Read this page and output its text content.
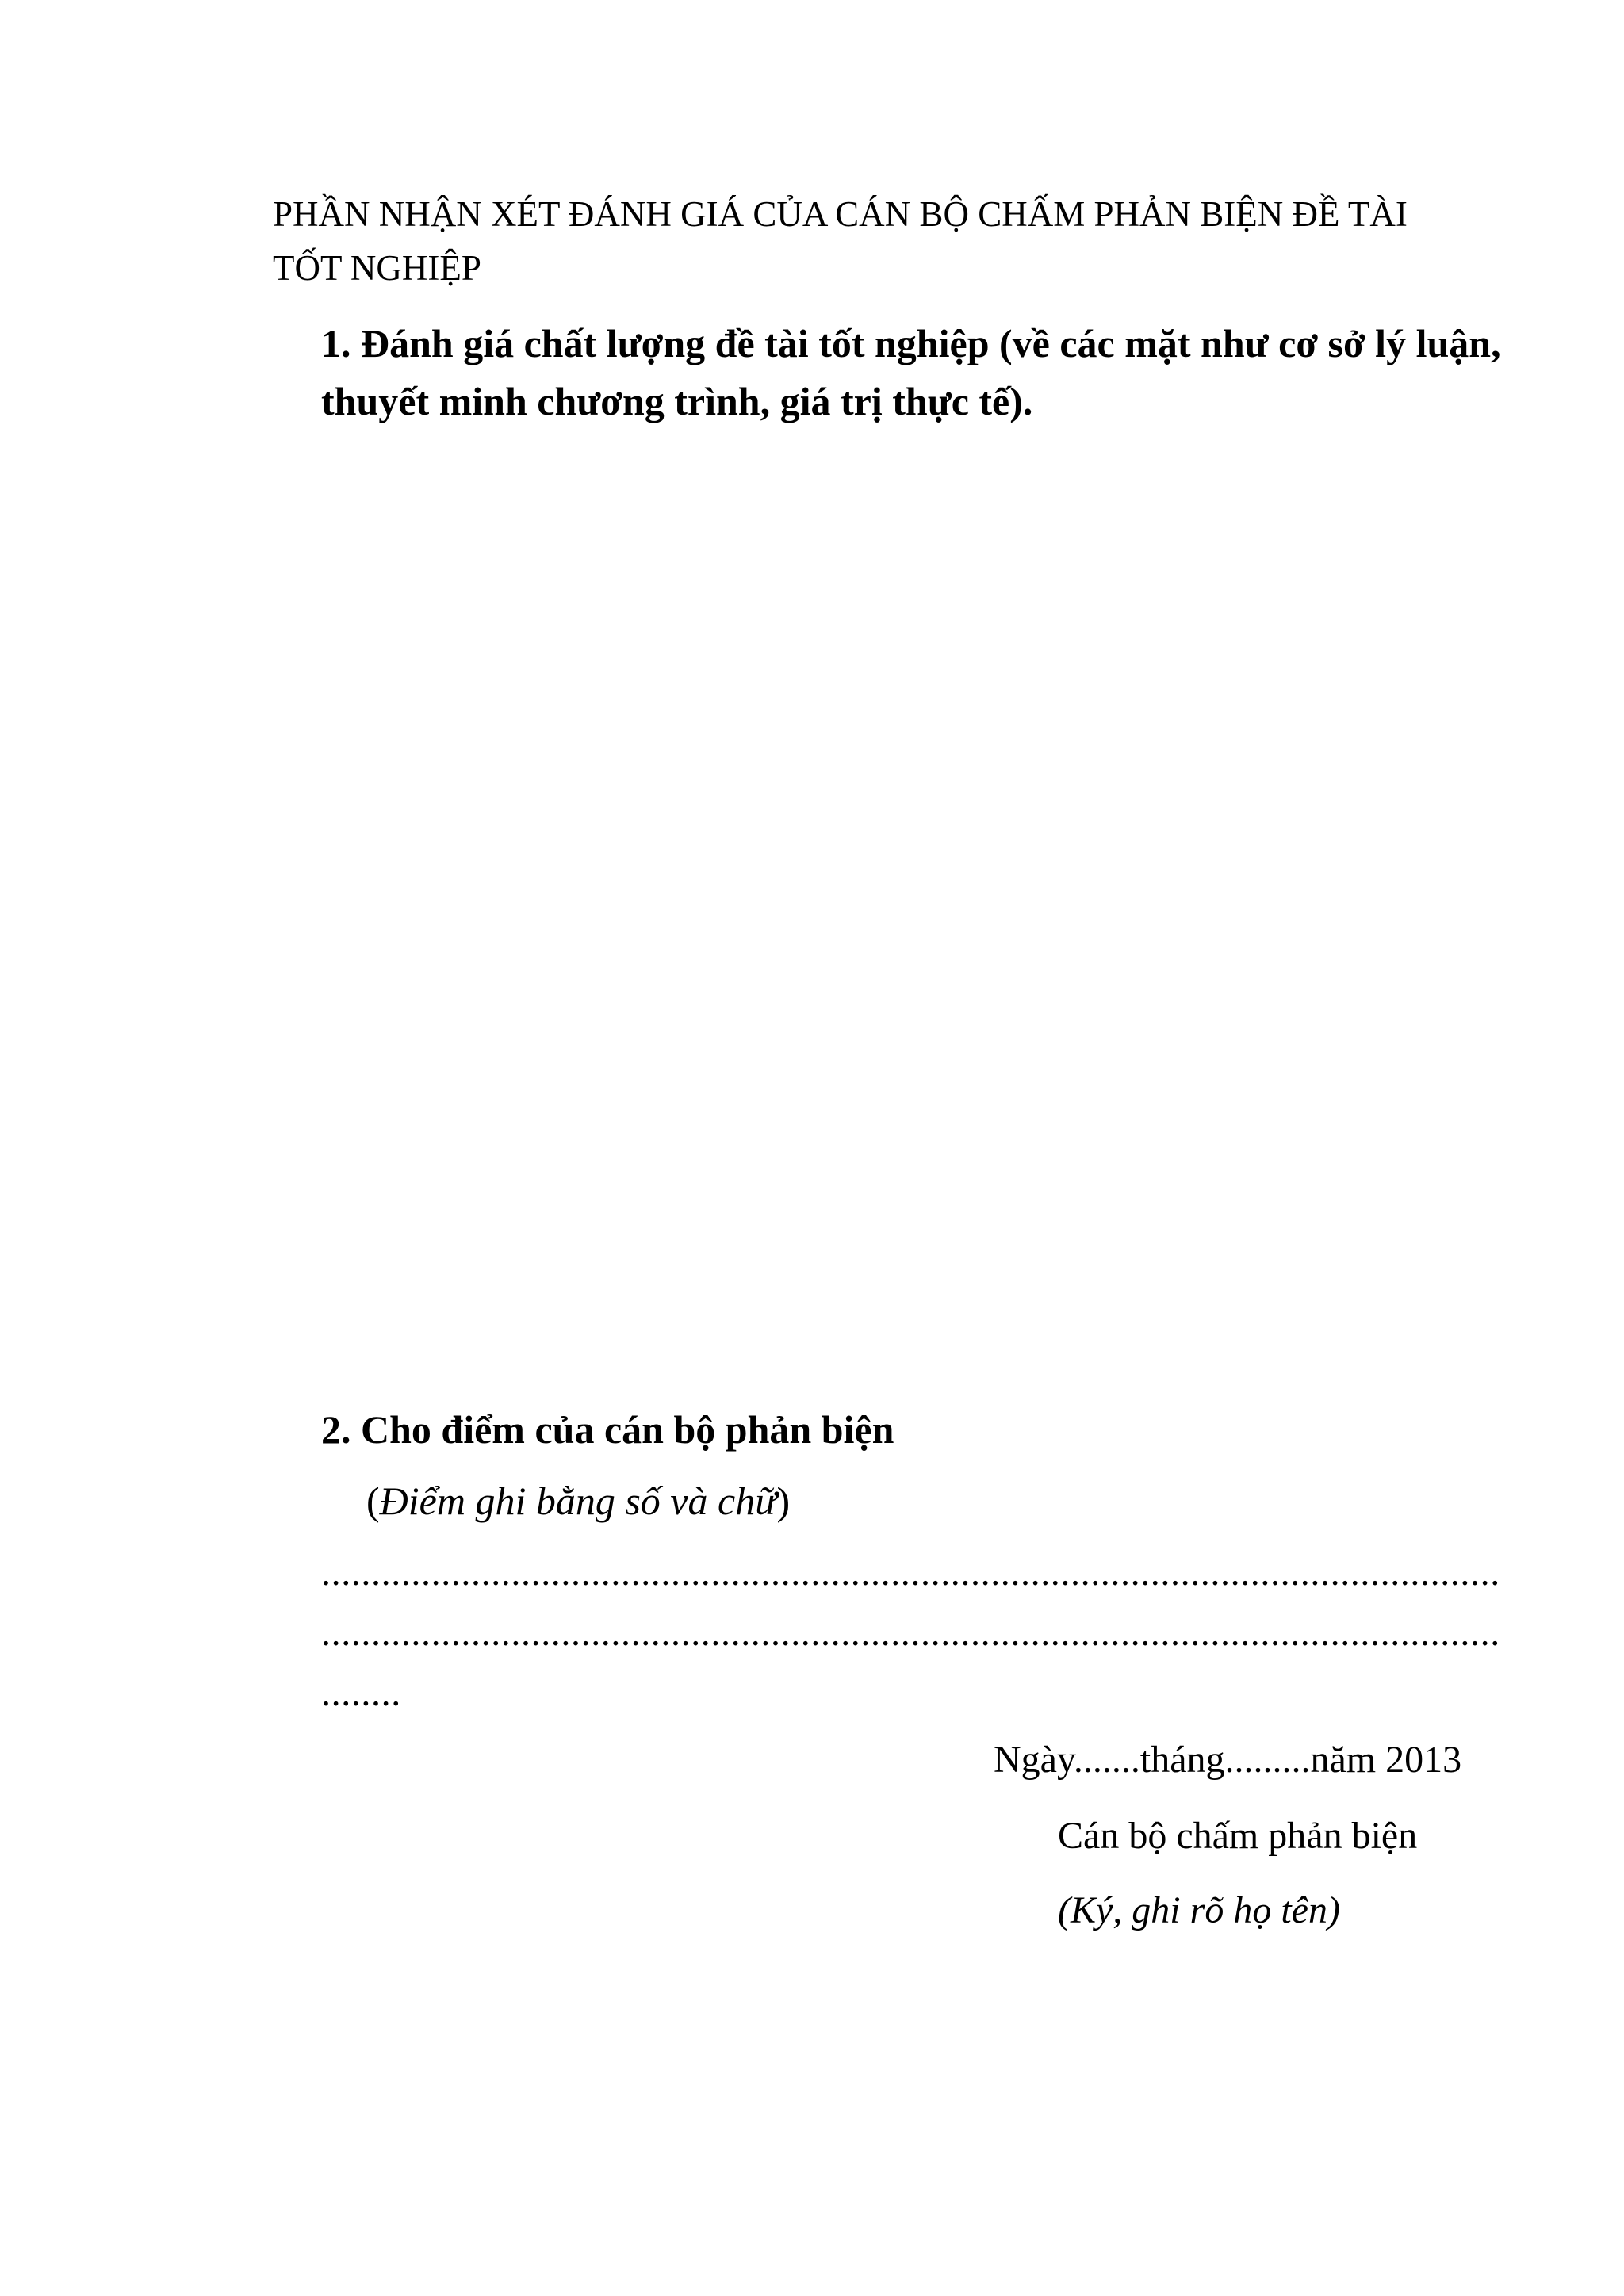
PHẦN NHẬN XÉT ĐÁNH GIÁ CỦA CÁN BỘ CHẤM PHẢN BIỆN ĐỀ TÀI
TỐT NGHIỆP
1. Đánh giá chất lượng đề tài tốt nghiệp (về các mặt như cơ sở lý luận,
thuyết minh chương trình, giá trị thực tế).
2. Cho điểm của cán bộ phản biện
(Điểm ghi bằng số và chữ)
......................................................................................................................
......................................................................................................................
........
Ngày.......tháng.........năm 2013
Cán bộ chấm phản biện
(Ký, ghi rõ họ tên)
